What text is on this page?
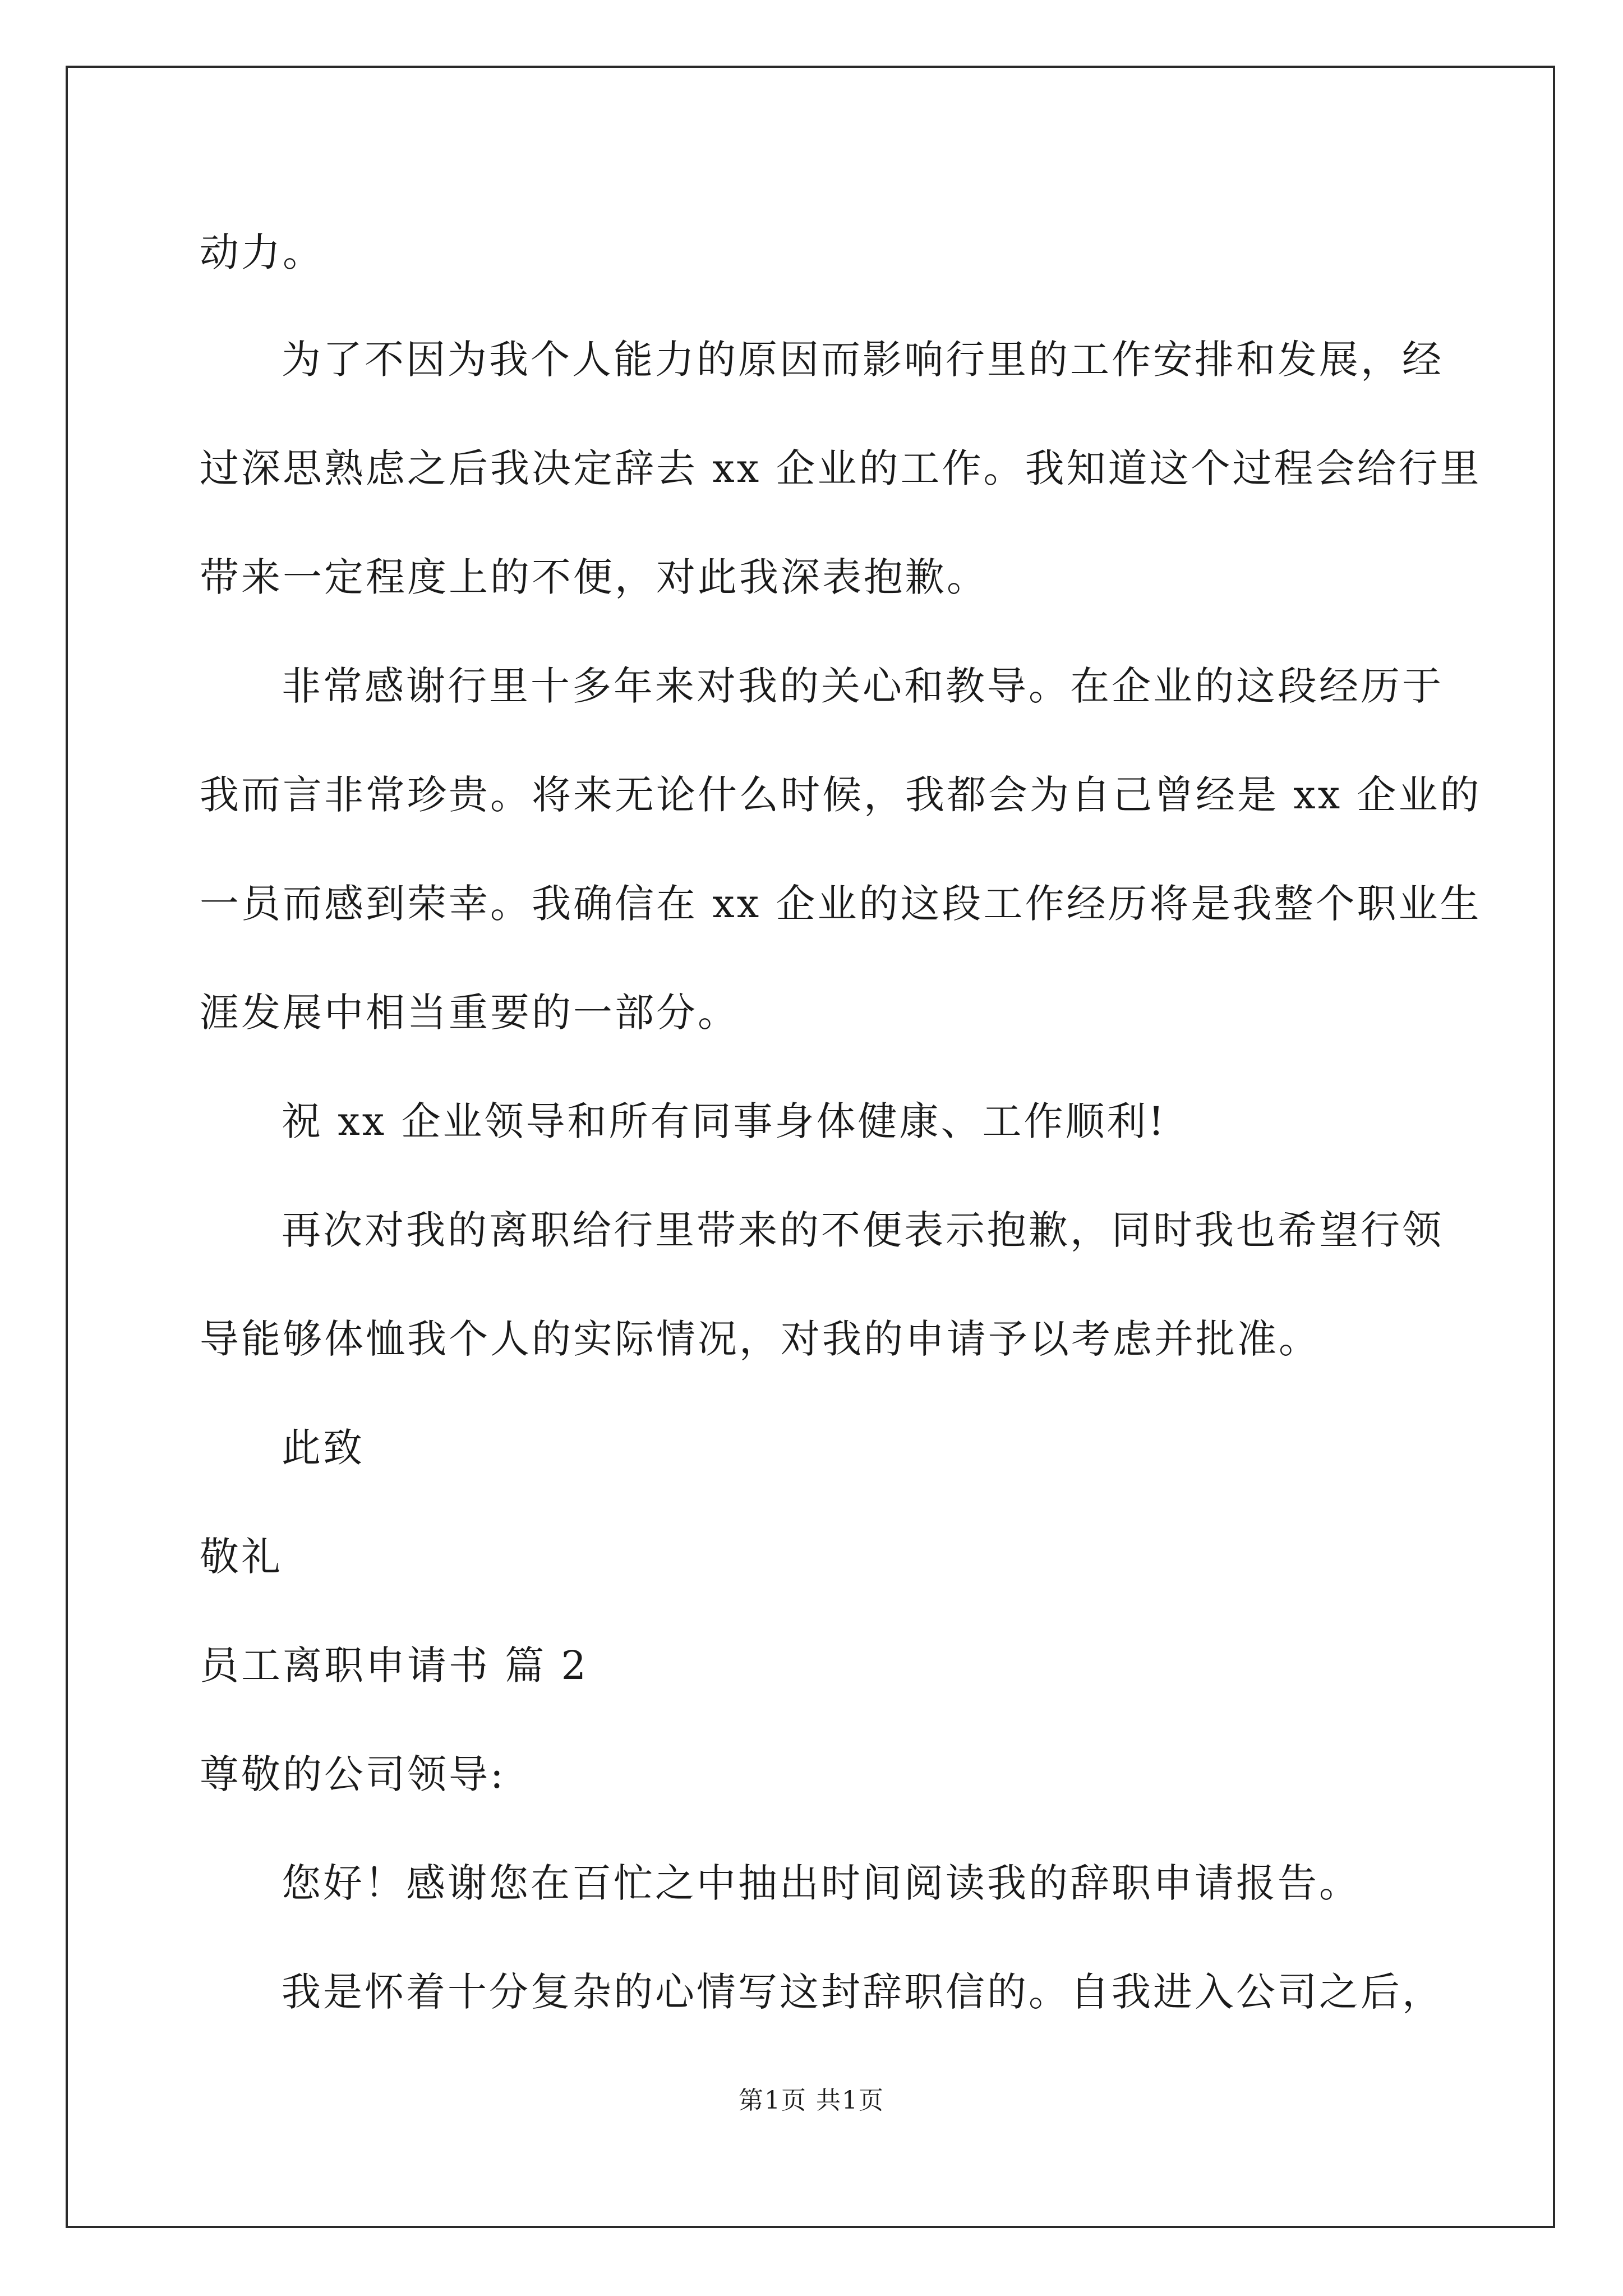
动力。
为了不因为我个人能力的原因而影响行里的工作安排和发展，经
过深思熟虑之后我决定辞去 xx 企业的工作。我知道这个过程会给行里
带来一定程度上的不便，对此我深表抱歉。
非常感谢行里十多年来对我的关心和教导。在企业的这段经历于
我而言非常珍贵。将来无论什么时候，我都会为自己曾经是 xx 企业的
一员而感到荣幸。我确信在 xx 企业的这段工作经历将是我整个职业生
涯发展中相当重要的一部分。
祝 xx 企业领导和所有同事身体健康、工作顺利!
再次对我的离职给行里带来的不便表示抱歉，同时我也希望行领
导能够体恤我个人的实际情况，对我的申请予以考虑并批准。
此致
敬礼
员工离职申请书 篇 2
尊敬的公司领导:
您好！感谢您在百忙之中抽出时间阅读我的辞职申请报告。
我是怀着十分复杂的心情写这封辞职信的。自我进入公司之后，
第1页 共1页
